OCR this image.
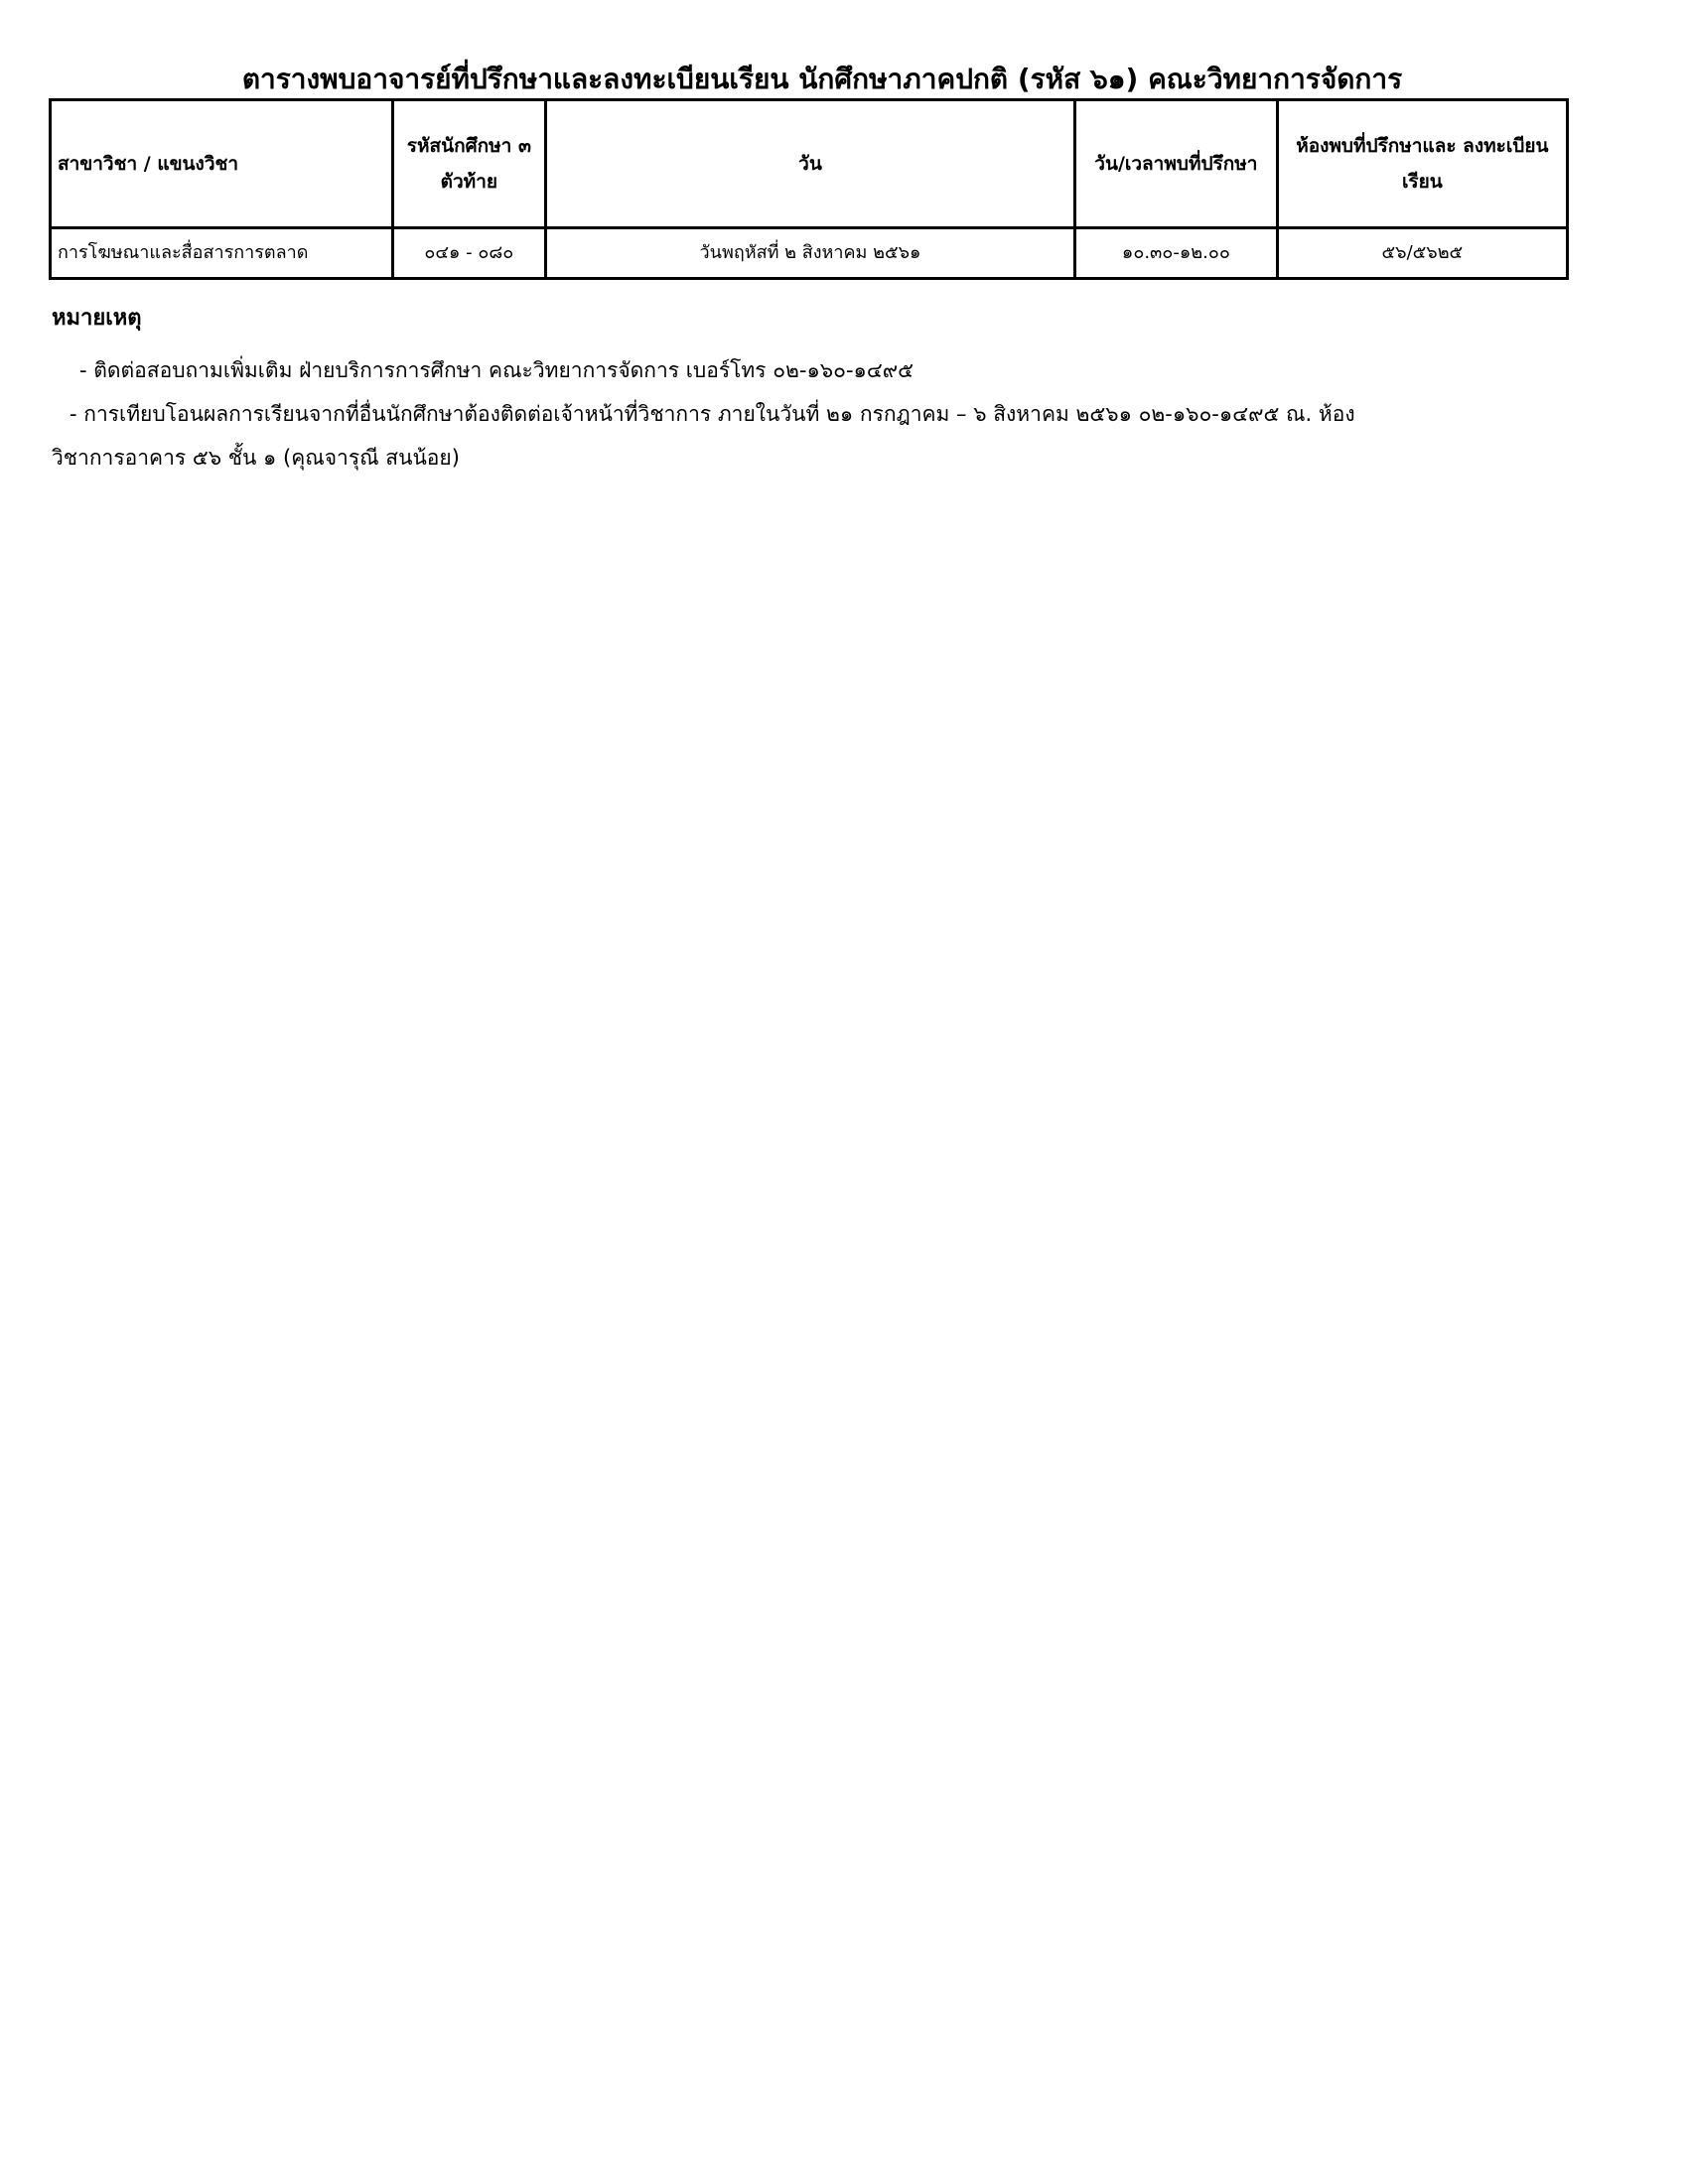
ตารางพบอาจารย์ที่ปรึกษาและลงทะเบียนเรียน นักศึกษาภาคปกติ (รหัส ๖๑) คณะวิทยาการจัดการ
สาขาวิชา / แขนงวิชา	รหัสนักศึกษา ๓ ตัวท้าย	วัน	วัน/เวลาพบที่ปรึกษา	ห้องพบที่ปรึกษาและ ลงทะเบียนเรียน
การโฆษณาและสื่อสารการตลาด	๐๔๑ - ๐๘๐	วันพฤหัสที่ ๒ สิงหาคม ๒๕๖๑	๑๐.๓๐-๑๒.๐๐	๕๖/๕๖๒๕
หมายเหตุ
- ติดต่อสอบถามเพิ่มเติม ฝ่ายบริการการศึกษา คณะวิทยาการจัดการ เบอร์โทร ๐๒-๑๖๐-๑๔๙๕
- การเทียบโอนผลการเรียนจากที่อื่นนักศึกษาต้องติดต่อเจ้าหน้าที่วิชาการ ภายในวันที่ ๒๑ กรกฎาคม – ๖ สิงหาคม ๒๕๖๑ ๐๒-๑๖๐-๑๔๙๕ ณ. ห้อง
วิชาการอาคาร ๕๖ ชั้น ๑ (คุณจารุณี สนน้อย)
